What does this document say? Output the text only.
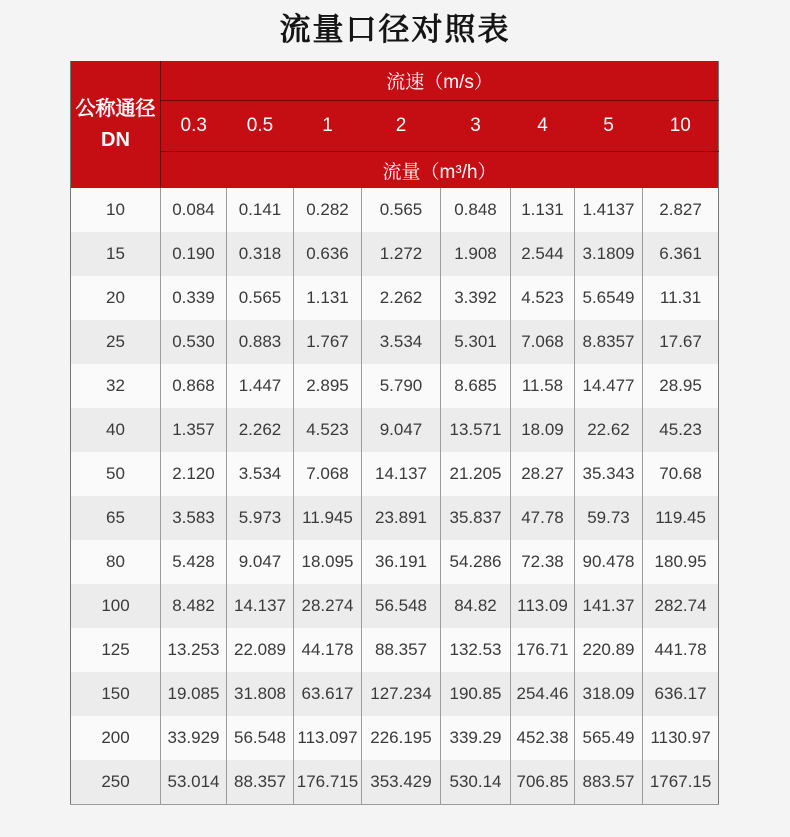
流量口径对照表
公称通径
DN	流速（m/s）							
	0.3	0.5	1	2	3	4	5	10
	流量（m³/h）							
10	0.084	0.141	0.282	0.565	0.848	1.131	1.4137	2.827
15	0.190	0.318	0.636	1.272	1.908	2.544	3.1809	6.361
20	0.339	0.565	1.131	2.262	3.392	4.523	5.6549	11.31
25	0.530	0.883	1.767	3.534	5.301	7.068	8.8357	17.67
32	0.868	1.447	2.895	5.790	8.685	11.58	14.477	28.95
40	1.357	2.262	4.523	9.047	13.571	18.09	22.62	45.23
50	2.120	3.534	7.068	14.137	21.205	28.27	35.343	70.68
65	3.583	5.973	11.945	23.891	35.837	47.78	59.73	119.45
80	5.428	9.047	18.095	36.191	54.286	72.38	90.478	180.95
100	8.482	14.137	28.274	56.548	84.82	113.09	141.37	282.74
125	13.253	22.089	44.178	88.357	132.53	176.71	220.89	441.78
150	19.085	31.808	63.617	127.234	190.85	254.46	318.09	636.17
200	33.929	56.548	113.097	226.195	339.29	452.38	565.49	1130.97
250	53.014	88.357	176.715	353.429	530.14	706.85	883.57	1767.15
